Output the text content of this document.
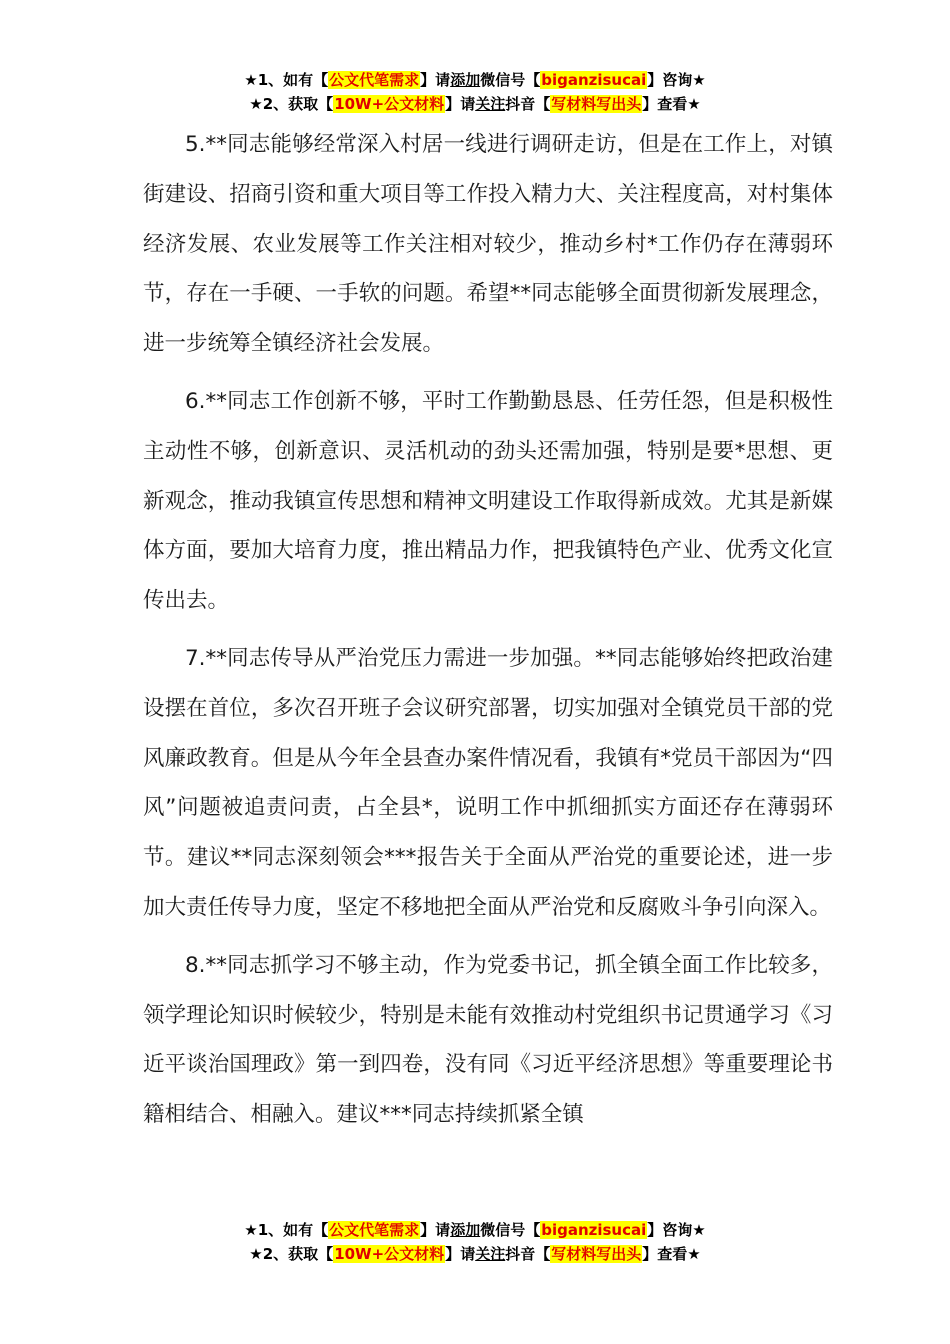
★1、如有【公文代笔需求】请添加微信号【biganzisucai】咨询★
★2、获取【10W+公文材料】请关注抖音【写材料写出头】查看★

5.**同志能够经常深入村居一线进行调研走访，但是在工作上，对镇街建设、招商引资和重大项目等工作投入精力大、关注程度高，对村集体经济发展、农业发展等工作关注相对较少，推动乡村*工作仍存在薄弱环节，存在一手硬、一手软的问题。希望**同志能够全面贯彻新发展理念，进一步统筹全镇经济社会发展。

6.**同志工作创新不够，平时工作勤勤恳恳、任劳任怨，但是积极性主动性不够，创新意识、灵活机动的劲头还需加强，特别是要*思想、更新观念，推动我镇宣传思想和精神文明建设工作取得新成效。尤其是新媒体方面，要加大培育力度，推出精品力作，把我镇特色产业、优秀文化宣传出去。

7.**同志传导从严治党压力需进一步加强。**同志能够始终把政治建设摆在首位，多次召开班子会议研究部署，切实加强对全镇党员干部的党风廉政教育。但是从今年全县查办案件情况看，我镇有*党员干部因为“四风”问题被追责问责，占全县*，说明工作中抓细抓实方面还存在薄弱环节。建议**同志深刻领会***报告关于全面从严治党的重要论述，进一步加大责任传导力度，坚定不移地把全面从严治党和反腐败斗争引向深入。

8.**同志抓学习不够主动，作为党委书记，抓全镇全面工作比较多，领学理论知识时候较少，特别是未能有效推动村党组织书记贯通学习《习近平谈治国理政》第一到四卷，没有同《习近平经济思想》等重要理论书籍相结合、相融入。建议***同志持续抓紧全镇

★1、如有【公文代笔需求】请添加微信号【biganzisucai】咨询★
★2、获取【10W+公文材料】请关注抖音【写材料写出头】查看★
